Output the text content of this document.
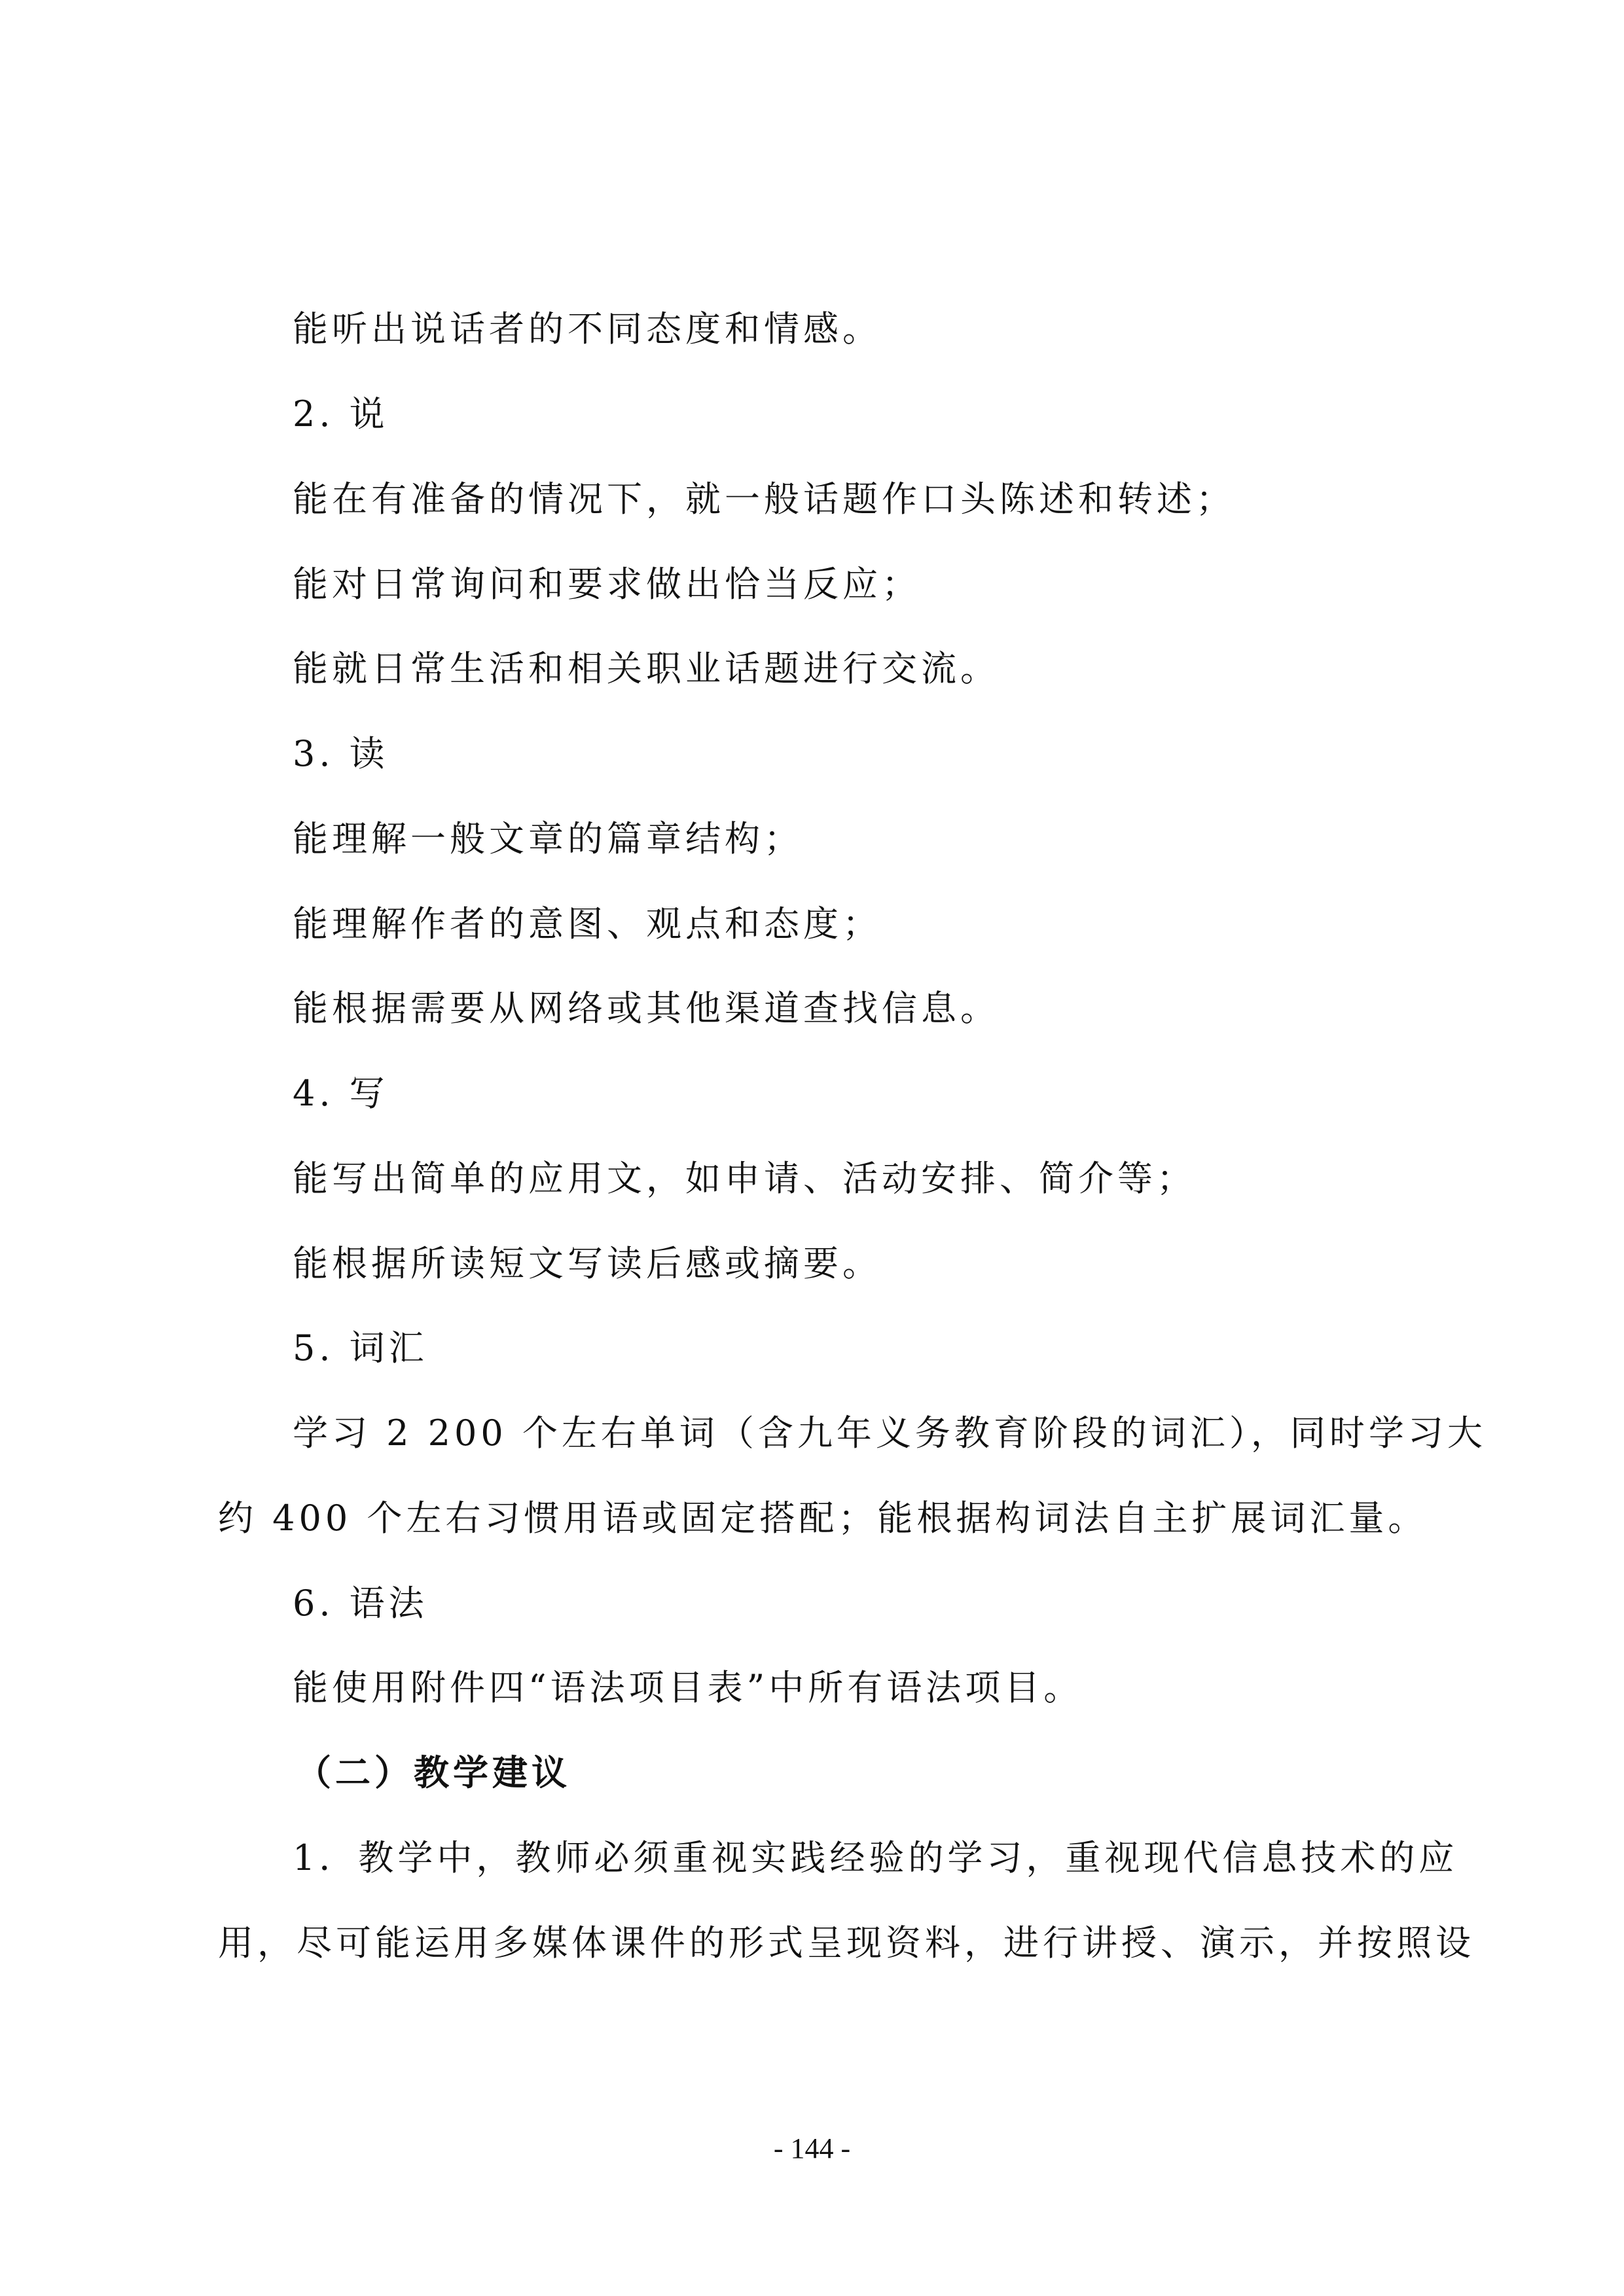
能听出说话者的不同态度和情感。
2. 说
能在有准备的情况下，就一般话题作口头陈述和转述；
能对日常询问和要求做出恰当反应；
能就日常生活和相关职业话题进行交流。
3. 读
能理解一般文章的篇章结构；
能理解作者的意图、观点和态度；
能根据需要从网络或其他渠道查找信息。
4. 写
能写出简单的应用文，如申请、活动安排、简介等；
能根据所读短文写读后感或摘要。
5. 词汇
学习 2 200 个左右单词（含九年义务教育阶段的词汇），同时学习大
约 400 个左右习惯用语或固定搭配；能根据构词法自主扩展词汇量。
6. 语法
能使用附件四“语法项目表”中所有语法项目。
（二）教学建议
1．教学中，教师必须重视实践经验的学习，重视现代信息技术的应
用，尽可能运用多媒体课件的形式呈现资料，进行讲授、演示，并按照设
- 144 -
